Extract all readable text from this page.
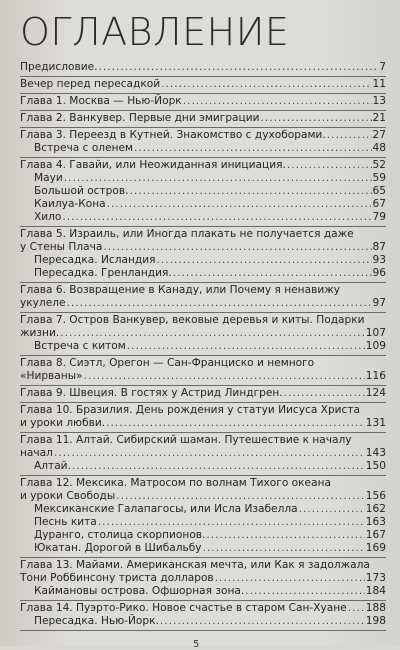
ОГЛАВЛЕНИЕ
Предисловие. .....	7
Вечер перед пересадкой .....	11
Глава 1. Москва — Нью-Йорк .....	13
Глава 2. Ванкувер. Первые дни эмиграции .....	21
Глава 3. Переезд в Кутней. Знакомство с духоборами. .....	27
Встреча с оленем .....	48
Глава 4. Гавайи, или Неожиданная инициация. .....	52
Мауи .....	59
Большой остров. .....	65
Каилуа-Кона .....	67
Хило .....	79
Глава 5. Израиль, или Иногда плакать не получается даже
у Стены Плача .....	87
Пересадка. Исландия .....	93
Пересадка. Гренландия. .....	96
Глава 6. Возвращение в Канаду, или Почему я ненавижу
укулеле .....	97
Глава 7. Остров Ванкувер, вековые деревья и киты. Подарки
жизни. .....	107
Встреча с китом .....	109
Глава 8. Сиэтл, Орегон — Сан-Франциско и немного
«Нирваны» .....	116
Глава 9. Швеция. В гостях у Астрид Линдгрен. .....	124
Глава 10. Бразилия. День рождения у статуи Иисуса Христа
и уроки любви. .....	131
Глава 11. Алтай. Сибирский шаман. Путешествие к началу
начал .....	143
Алтай. .....	150
Глава 12. Мексика. Матросом по волнам Тихого океана
и уроки Свободы .....	156
Мексиканские Галапагосы, или Исла Изабелла .....	162
Песнь кита .....	163
Дуранго, столица скорпионов. .....	167
Юкатан. Дорогой в Шибальбу .....	169
Глава 13. Майами. Американская мечта, или Как я задолжала
Тони Роббинсону триста долларов .....	173
Каймановы острова. Офшорная зона. .....	184
Глава 14. Пуэрто-Рико. Новое счастье в старом Сан-Хуане ..... 188
Пересадка. Нью-Йорк. .....	198
5
